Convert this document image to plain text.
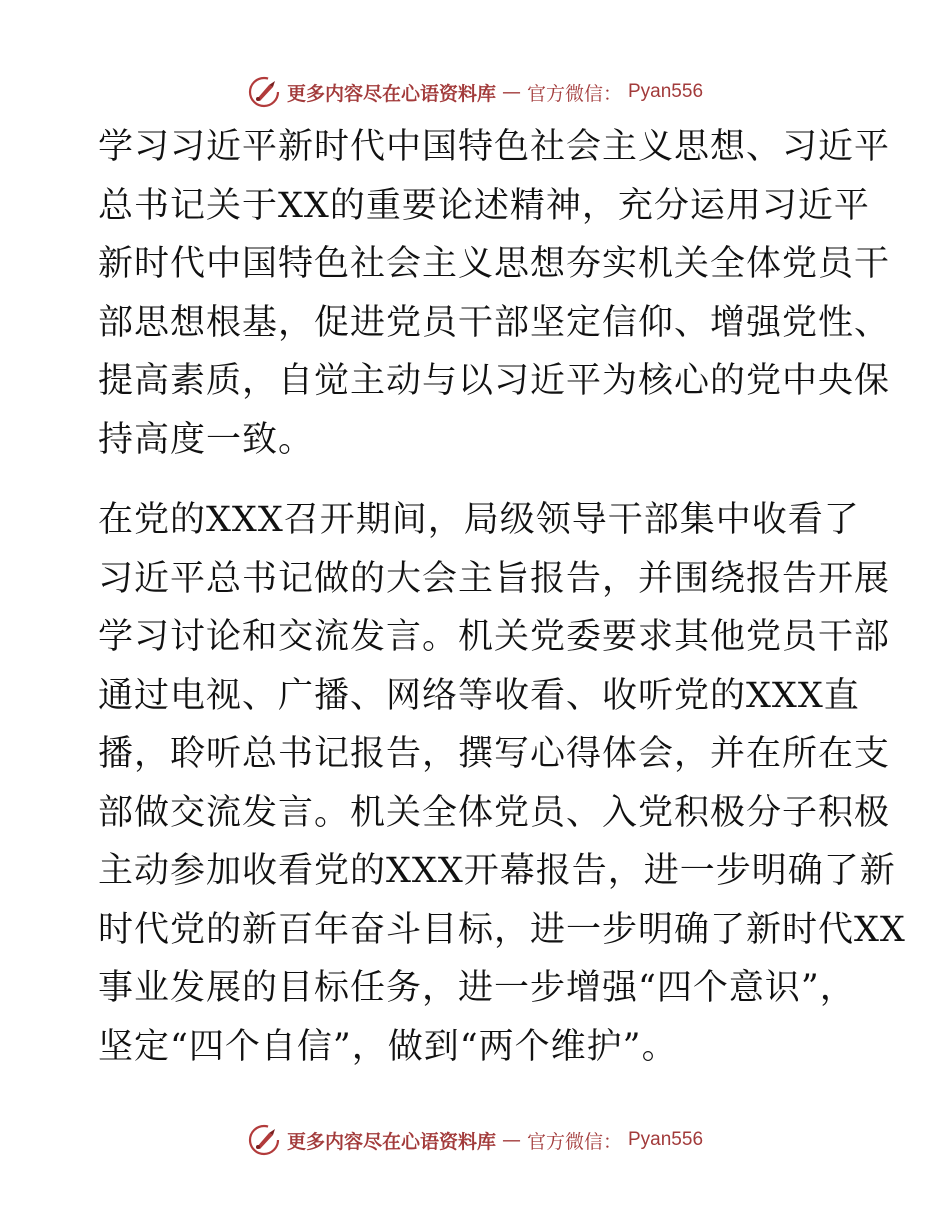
更多内容尽在心语资料库 — 官方微信： Pyan556

学习习近平新时代中国特色社会主义思想、习近平
总书记关于XX的重要论述精神，充分运用习近平
新时代中国特色社会主义思想夯实机关全体党员干
部思想根基，促进党员干部坚定信仰、增强党性、
提高素质，自觉主动与以习近平为核心的党中央保
持高度一致。

在党的XXX召开期间，局级领导干部集中收看了
习近平总书记做的大会主旨报告，并围绕报告开展
学习讨论和交流发言。机关党委要求其他党员干部
通过电视、广播、网络等收看、收听党的XXX直
播，聆听总书记报告，撰写心得体会，并在所在支
部做交流发言。机关全体党员、入党积极分子积极
主动参加收看党的XXX开幕报告，进一步明确了新
时代党的新百年奋斗目标，进一步明确了新时代XX
事业发展的目标任务，进一步增强“四个意识”，
坚定“四个自信”，做到“两个维护”。

更多内容尽在心语资料库 — 官方微信： Pyan556
